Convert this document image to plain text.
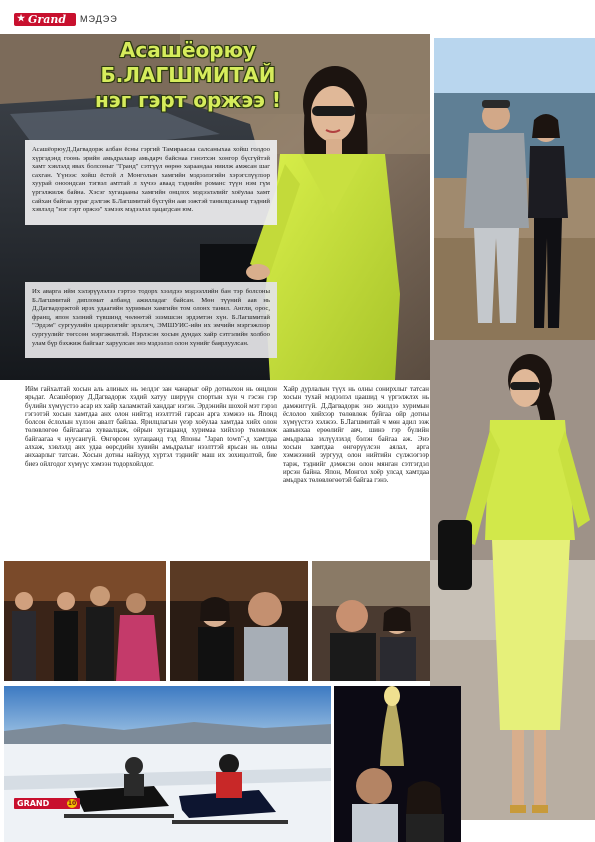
★ Grand	МЭДЭЭ
Асашёорюу
Б.ЛАГШМИТАЙ
нэг гэрт оржээ !

АсашёорюуД.Дагвадорж албан ёсны гэргий Тамираасаа салсаныхаа хойш голдоо хүргэдэнд гоонь эрийн амьдралаар амьдарч байснаа гэнэтхэн хонгор бүсгүйтэй хамт хэвлэлд явах болсоныг "Гранд" сэтгүүл өөрөө хараандаа ниилж амжсан шаг сахган. Үүнээс хойш ёстой л Монголын хамгийн мэдээлэгийн хэрэгслүүлээр хуурай оноондсан тэгвэл амттай л хүчээ аваад тэднийн романс түүн нэм гүм үргэлжилж байна. Хэсэг хугацааны хамгийн онцлох мэдээлэлийг хоёулаа хамт сайхан байгаа зураг дэлгэж Б.Лагшмитай бүсгүйн аав ээжтэй танилцсанаар тэдний хэвлэлд "нэг гэрт оржээ" хэмээх мэдээлэл цацагдсан юм.

Их аварга ийм хэлэрүүлэлээ гэртээ тодорх хээлдээ мэдээллийн бан тэр болсоны Б.Лагшмитай дипломат албанд ажилладаг байсан. Мөн түүний аав нь Д.Дагвадоржтой ирэх удаагийн хуримын хамгийн том олонх танил. Англи, орос, франц, япон хэлний түвшинд чөлөөтэй эзэмшсэн эрдэмтэн хүн. Б.Лагшмитай "Эрдэм" сургуулийн цэцэрлэгийг эрхлэгч, ЭМШУИС-ийн их эмчийн мэргэжлээр сургуулийг төгссөн мэргэжилтэй. Нэрлэсэн хосын дундах хайр сэтгэлийн холбоо улам бүр бэхжиж байгааг харуулсан энэ мэдээлэл олон хүнийг баярлуулсан.

Ийм гайхалтай хосын аль алиных нь эелдэг зан чанарыг ойр дотныхон нь онцлон ярьдаг. Асашёорюу Д.Дагвадорж хэдий хатуу ширүүн спортын хүн ч гэсэн гэр бүлийн хүмүүстээ асар их хайр халамжтай ханддаг нэгэн. Эрдэнийн шохой мэт гэрэл гэгээтэй хосын хамтдаа анх олон нийтэд нээлттэй гарсан арга хэмжээ нь Японд болсон ёслолын хүлээн авалт байлаа. Ярилцлагын үеэр хоёулаа хамтдаа хийх олон төлөвлөгөө байгаагаа хуваалцаж, ойрын хугацаанд хуримаа хийхээр төлөвлөж байгаагаа ч нуусангүй. Өнгөрсөн хугацаанд тэд Японы "Japan town"-д хамтдаа алхаж, хэвлэлд анх удаа өөрсдийн хувийн амьдралыг нээлттэй ярьсан нь олны анхаарлыг татсан. Хосын дотны найзууд хүртэл тэднийг маш их зохицолтой, бие биеэ ойлгодог хүмүүс хэмээн тодорхойлдог.
Хайр дурлалын түүх нь олны сонирхлыг татсан хосын тухай мэдээлэл цаашид ч үргэлжлэх нь дамжиггүй. Д.Дагвадорж энэ жилдээ хуримын ёслолоо хийхээр төлөвлөж буйгаа ойр дотны хүмүүстээ хэлжээ. Б.Лагшмитай ч мөн адил ээж аавынхаа ерөөлийг авч, шинэ гэр бүлийн амьдралаа эхлүүлэхэд бэлэн байгаа аж. Энэ хосын хамтдаа өнгөрүүлсэн аялал, арга хэмжээний зургууд олон нийтийн сүлжээгээр тарж, тэднийг дэмжсэн олон мянган сэтгэгдэл ирсэн байна. Япон, Монгол хоёр улсад хамтдаа амьдрах төлөвлөгөөтэй байгаа гэнэ.
GRAND	10
